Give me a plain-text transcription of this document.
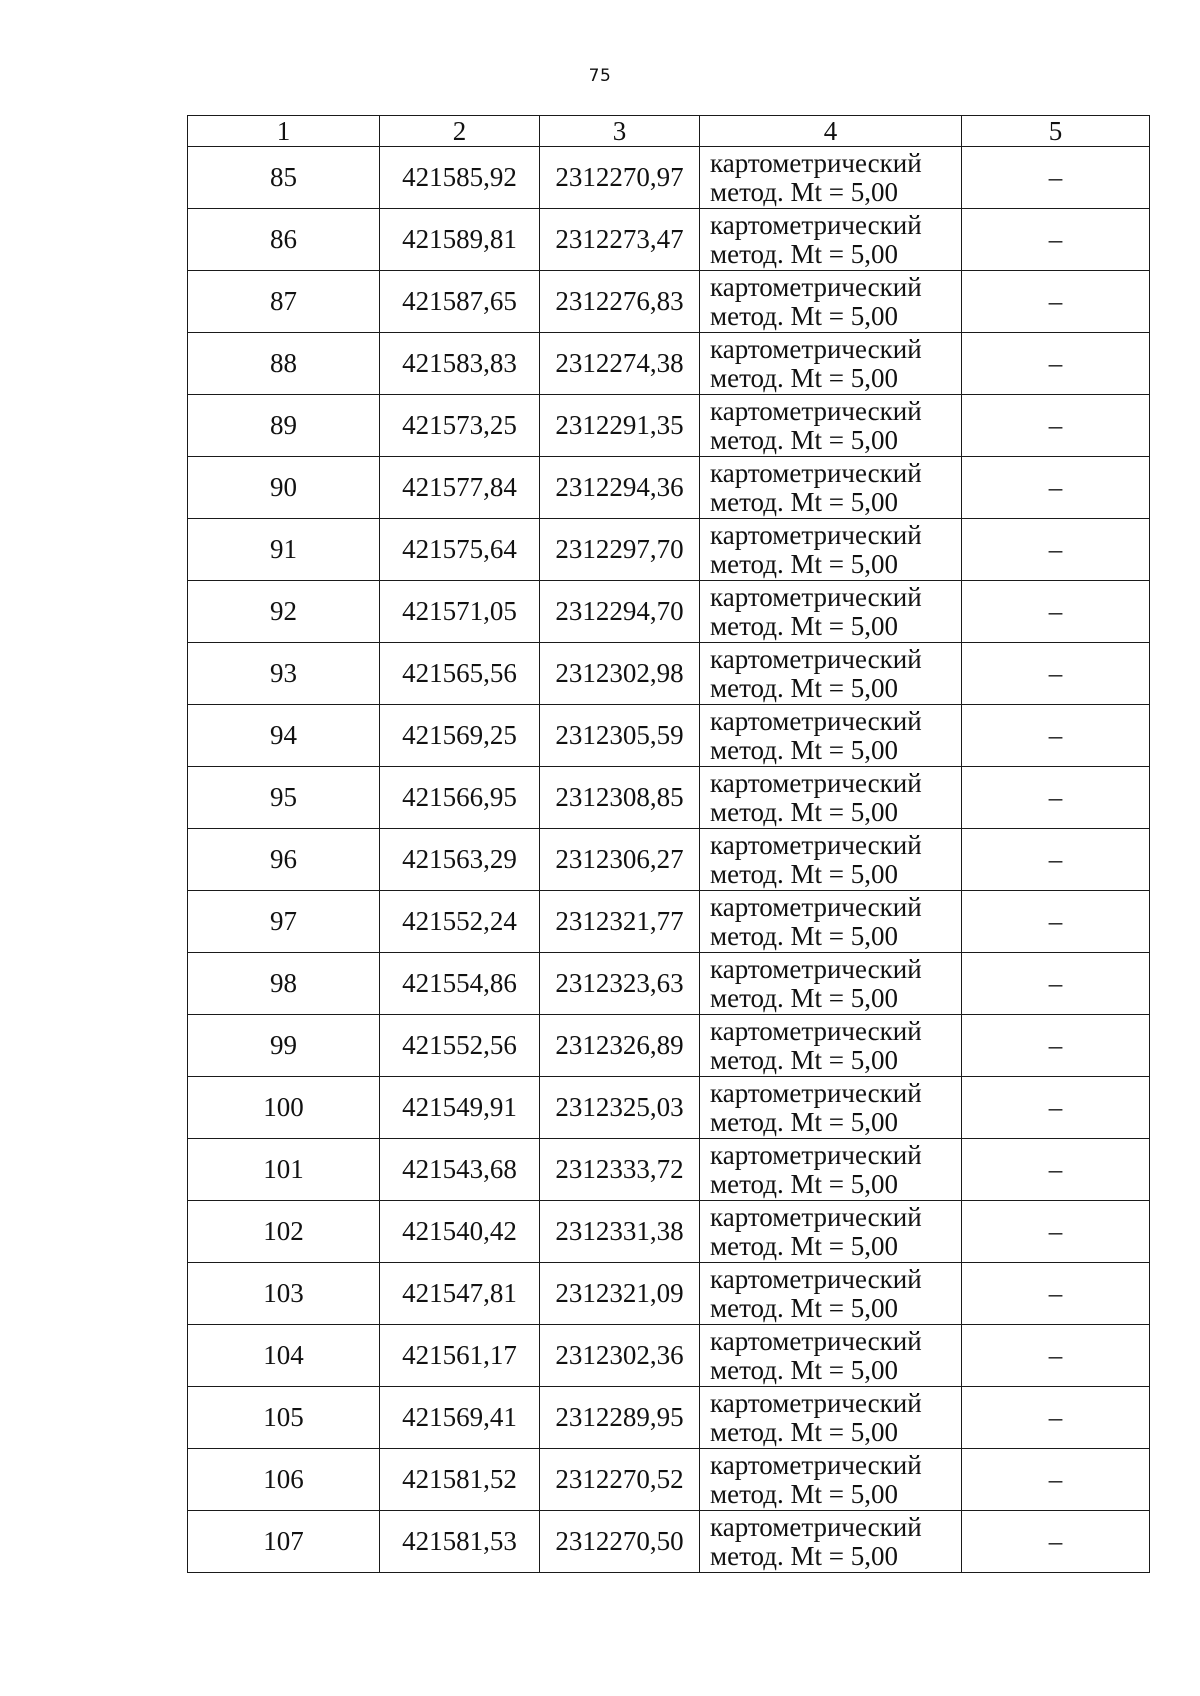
75
1	2	3	4	5
85	421585,92	2312270,97	картометрический
метод. Mt = 5,00	–
86	421589,81	2312273,47	картометрический
метод. Mt = 5,00	–
87	421587,65	2312276,83	картометрический
метод. Mt = 5,00	–
88	421583,83	2312274,38	картометрический
метод. Mt = 5,00	–
89	421573,25	2312291,35	картометрический
метод. Mt = 5,00	–
90	421577,84	2312294,36	картометрический
метод. Mt = 5,00	–
91	421575,64	2312297,70	картометрический
метод. Mt = 5,00	–
92	421571,05	2312294,70	картометрический
метод. Mt = 5,00	–
93	421565,56	2312302,98	картометрический
метод. Mt = 5,00	–
94	421569,25	2312305,59	картометрический
метод. Mt = 5,00	–
95	421566,95	2312308,85	картометрический
метод. Mt = 5,00	–
96	421563,29	2312306,27	картометрический
метод. Mt = 5,00	–
97	421552,24	2312321,77	картометрический
метод. Mt = 5,00	–
98	421554,86	2312323,63	картометрический
метод. Mt = 5,00	–
99	421552,56	2312326,89	картометрический
метод. Mt = 5,00	–
100	421549,91	2312325,03	картометрический
метод. Mt = 5,00	–
101	421543,68	2312333,72	картометрический
метод. Mt = 5,00	–
102	421540,42	2312331,38	картометрический
метод. Mt = 5,00	–
103	421547,81	2312321,09	картометрический
метод. Mt = 5,00	–
104	421561,17	2312302,36	картометрический
метод. Mt = 5,00	–
105	421569,41	2312289,95	картометрический
метод. Mt = 5,00	–
106	421581,52	2312270,52	картометрический
метод. Mt = 5,00	–
107	421581,53	2312270,50	картометрический
метод. Mt = 5,00	–
